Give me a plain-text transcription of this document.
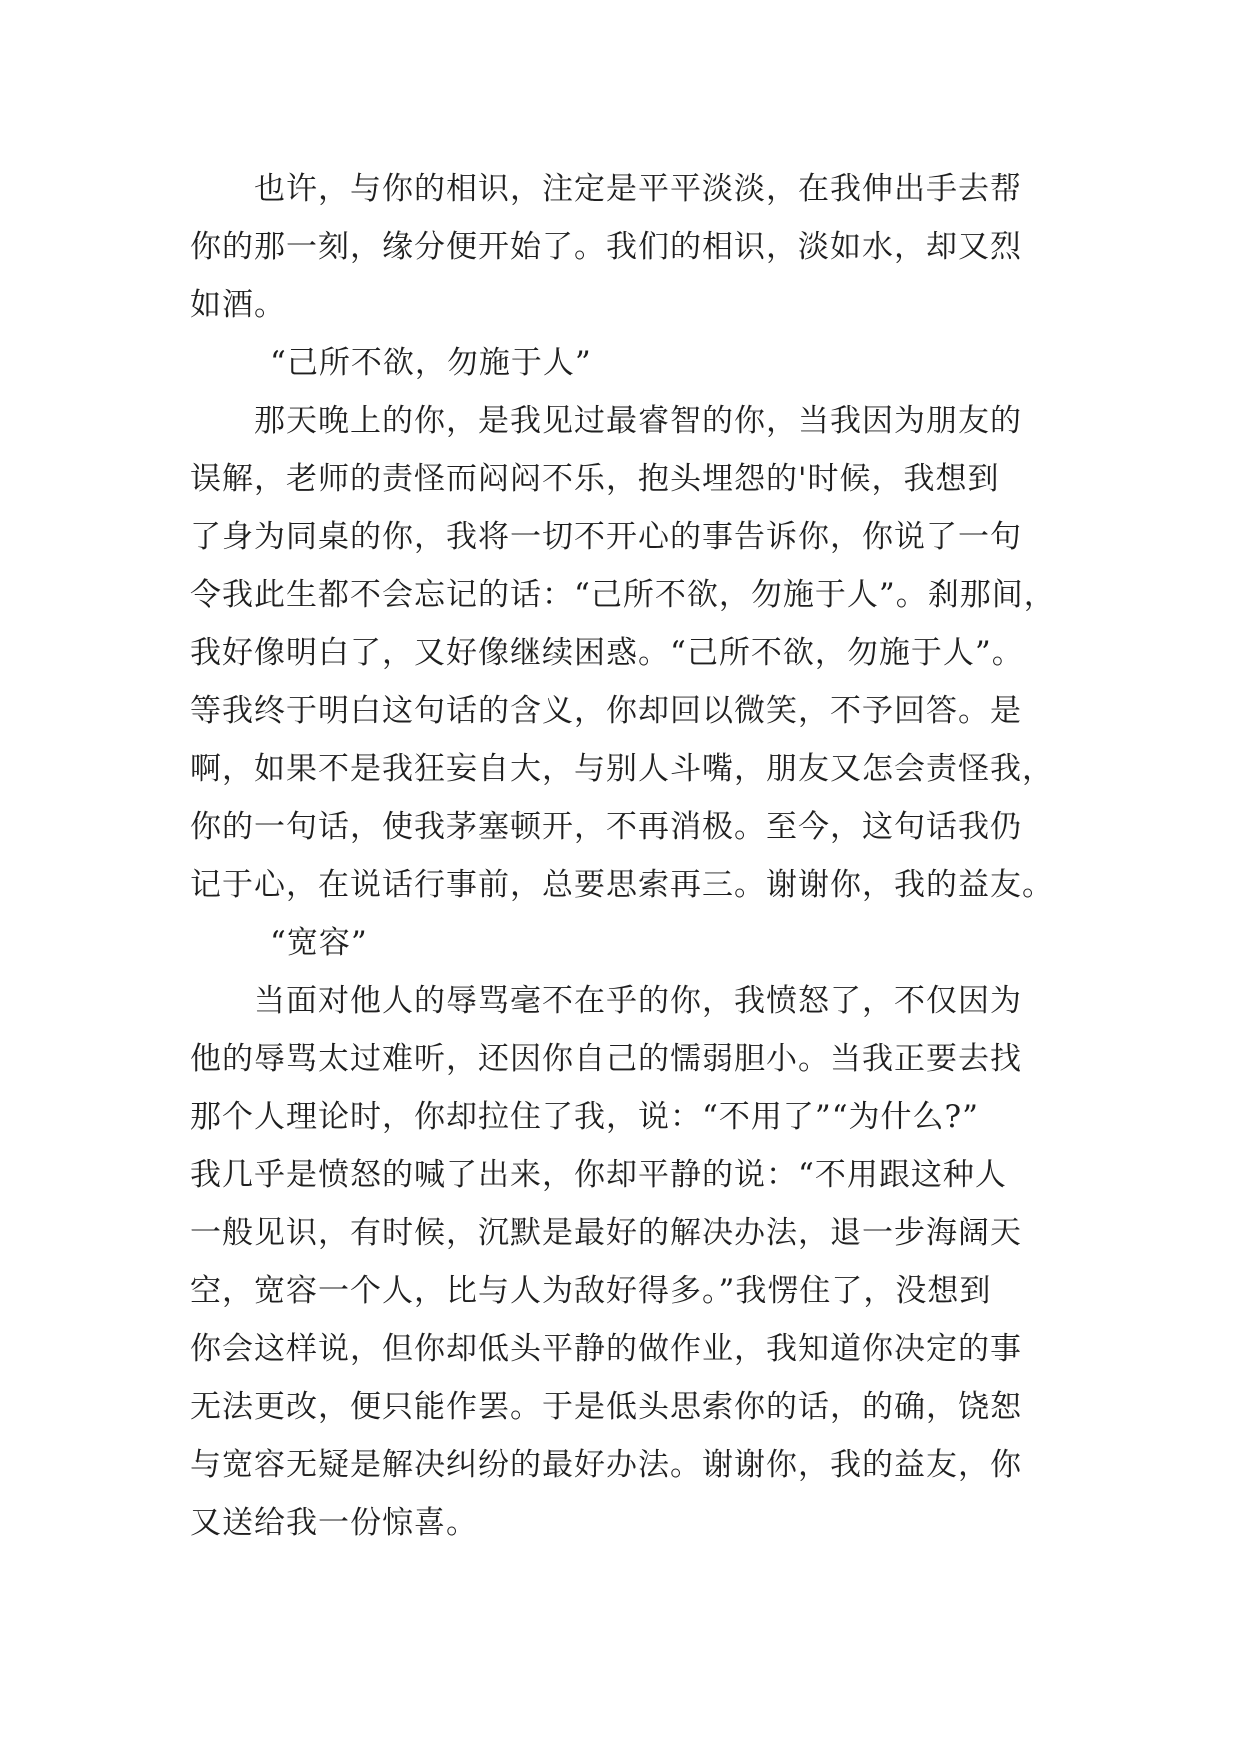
也许，与你的相识，注定是平平淡淡，在我伸出手去帮
你的那一刻，缘分便开始了。我们的相识，淡如水，却又烈
如酒。
“己所不欲，勿施于人”
那天晚上的你，是我见过最睿智的你，当我因为朋友的
误解，老师的责怪而闷闷不乐，抱头埋怨的'时候，我想到
了身为同桌的你，我将一切不开心的事告诉你，你说了一句
令我此生都不会忘记的话：“己所不欲，勿施于人”。刹那间，
我好像明白了，又好像继续困惑。“己所不欲，勿施于人”。
等我终于明白这句话的含义，你却回以微笑，不予回答。是
啊，如果不是我狂妄自大，与别人斗嘴，朋友又怎会责怪我，
你的一句话，使我茅塞顿开，不再消极。至今，这句话我仍
记于心，在说话行事前，总要思索再三。谢谢你，我的益友。
“宽容”
当面对他人的辱骂毫不在乎的你，我愤怒了，不仅因为
他的辱骂太过难听，还因你自己的懦弱胆小。当我正要去找
那个人理论时，你却拉住了我，说：“不用了”“为什么?”
我几乎是愤怒的喊了出来，你却平静的说：“不用跟这种人
一般见识，有时候，沉默是最好的解决办法，退一步海阔天
空，宽容一个人，比与人为敌好得多。”我愣住了，没想到
你会这样说，但你却低头平静的做作业，我知道你决定的事
无法更改，便只能作罢。于是低头思索你的话，的确，饶恕
与宽容无疑是解决纠纷的最好办法。谢谢你，我的益友，你
又送给我一份惊喜。
